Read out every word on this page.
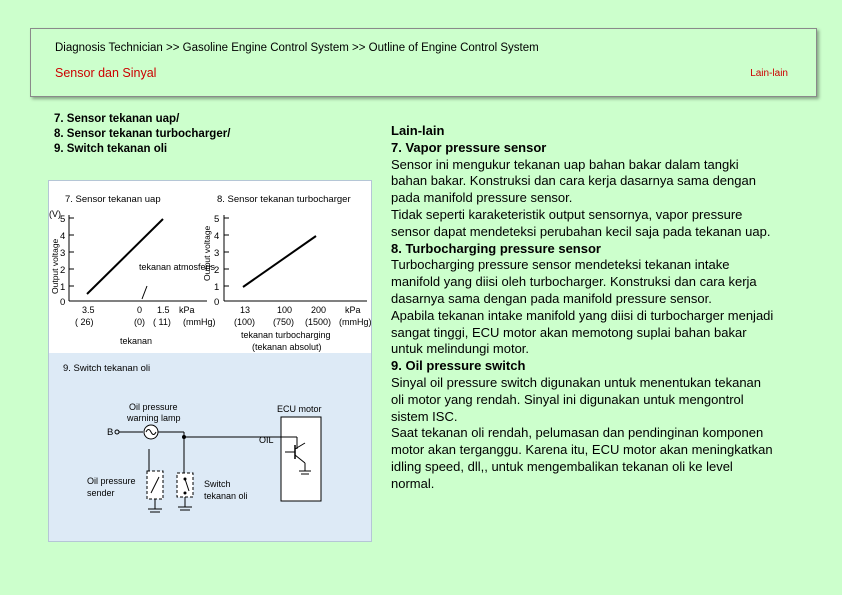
Diagnosis Technician >> Gasoline Engine Control System >> Outline of Engine Control System
Sensor dan Sinyal	Lain-lain
7. Sensor tekanan uap/
8. Sensor tekanan turbocharger/
9. Switch tekanan oli
7. Sensor tekanan uap
(V)
Output voltage
5
4
3
2
1
0
tekanan atmosferis
3.5
( 26)
0
(0)
1.5
( 11)
kPa
(mmHg)
tekanan
8. Sensor tekanan turbocharger
Output voltage
5
4
3
2
1
0
13
(100)
100
(750)
200
(1500)
kPa
(mmHg)
tekanan turbocharging
(tekanan absolut)
9. Switch tekanan oli
Oil pressure
warning lamp
B
ECU motor
OIL
Oil pressure
sender
Switch
tekanan oli
Lain-lain
7. Vapor pressure sensor
Sensor ini mengukur tekanan uap bahan bakar dalam tangki
bahan bakar. Konstruksi dan cara kerja dasarnya sama dengan
pada manifold pressure sensor.
Tidak seperti karaketeristik output sensornya, vapor pressure
sensor dapat mendeteksi perubahan kecil saja pada tekanan uap.
8. Turbocharging pressure sensor
Turbocharging pressure sensor mendeteksi tekanan intake
manifold yang diisi oleh turbocharger. Konstruksi dan cara kerja
dasarnya sama dengan pada manifold pressure sensor.
Apabila tekanan intake manifold yang diisi di turbocharger menjadi
sangat tinggi, ECU motor akan memotong suplai bahan bakar
untuk melindungi motor.
9. Oil pressure switch
Sinyal oil pressure switch digunakan untuk menentukan tekanan
oli motor yang rendah. Sinyal ini digunakan untuk mengontrol
sistem ISC.
Saat tekanan oli rendah, pelumasan dan pendinginan komponen
motor akan terganggu. Karena itu, ECU motor akan meningkatkan
idling speed, dll,, untuk mengembalikan tekanan oli ke level
normal.
